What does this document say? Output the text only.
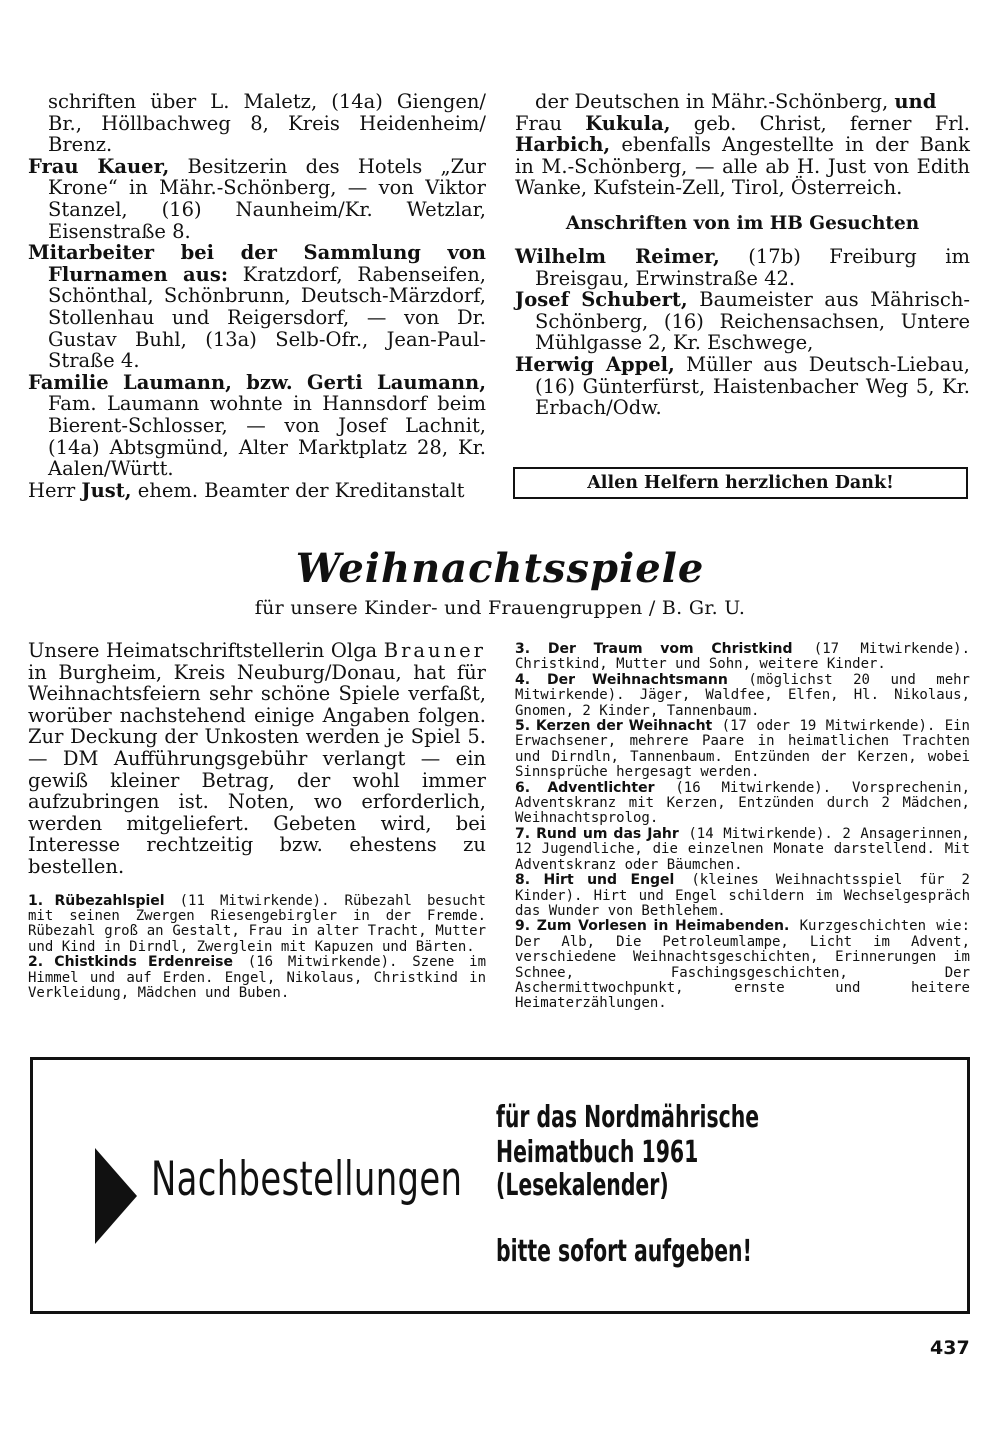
schriften über L. Maletz, (14a) Giengen/ Br., Höllbachweg 8, Kreis Heidenheim/ Brenz.

Frau Kauer, Besitzerin des Hotels „Zur Krone“ in Mähr.-Schönberg, — von Viktor Stanzel, (16) Naunheim/Kr. Wetzlar, Eisenstraße 8.

Mitarbeiter bei der Sammlung von Flurnamen aus: Kratzdorf, Rabenseifen, Schönthal, Schönbrunn, Deutsch-Märzdorf, Stollenhau und Reigersdorf, — von Dr. Gustav Buhl, (13a) Selb-Ofr., Jean-Paul-Straße 4.

Familie Laumann, bzw. Gerti Laumann, Fam. Laumann wohnte in Hannsdorf beim Bierent-Schlosser, — von Josef Lachnit, (14a) Abtsgmünd, Alter Marktplatz 28, Kr. Aalen/Württ.

Herr Just, ehem. Beamter der Kreditanstalt

der Deutschen in Mähr.-Schönberg, und

Frau Kukula, geb. Christ, ferner Frl. Harbich, ebenfalls Angestellte in der Bank in M.-Schönberg, — alle ab H. Just von Edith Wanke, Kufstein-Zell, Tirol, Österreich.

Anschriften von im HB Gesuchten

Wilhelm Reimer, (17b) Freiburg im Breisgau, Erwinstraße 42.

Josef Schubert, Baumeister aus Mährisch-Schönberg, (16) Reichensachsen, Untere Mühlgasse 2, Kr. Eschwege,

Herwig Appel, Müller aus Deutsch-Liebau, (16) Günterfürst, Haistenbacher Weg 5, Kr. Erbach/Odw.

Allen Helfern herzlichen Dank!
Weihnachtsspiele
für unsere Kinder- und Frauengruppen / B. Gr. U.

Unsere Heimatschriftstellerin Olga Brauner in Burgheim, Kreis Neuburg/Donau, hat für Weihnachtsfeiern sehr schöne Spiele verfaßt, worüber nachstehend einige Angaben folgen. Zur Deckung der Unkosten werden je Spiel 5.— DM Aufführungsgebühr verlangt — ein gewiß kleiner Betrag, der wohl immer aufzubringen ist. Noten, wo erforderlich, werden mitgeliefert. Gebeten wird, bei Interesse rechtzeitig bzw. ehestens zu bestellen.

1. Rübezahlspiel (11 Mitwirkende). Rübezahl besucht mit seinen Zwergen Riesengebirgler in der Fremde. Rübezahl groß an Gestalt, Frau in alter Tracht, Mutter und Kind in Dirndl, Zwerglein mit Kapuzen und Bärten.

2. Chistkinds Erdenreise (16 Mitwirkende). Szene im Himmel und auf Erden. Engel, Nikolaus, Christkind in Verkleidung, Mädchen und Buben.

3. Der Traum vom Christkind (17 Mitwirkende). Christkind, Mutter und Sohn, weitere Kinder.

4. Der Weihnachtsmann (möglichst 20 und mehr Mitwirkende). Jäger, Waldfee, Elfen, Hl. Nikolaus, Gnomen, 2 Kinder, Tannenbaum.

5. Kerzen der Weihnacht (17 oder 19 Mitwirkende). Ein Erwachsener, mehrere Paare in heimatlichen Trachten und Dirndln, Tannenbaum. Entzünden der Kerzen, wobei Sinnsprüche hergesagt werden.

6. Adventlichter (16 Mitwirkende). Vorsprechenin, Adventskranz mit Kerzen, Entzünden durch 2 Mädchen, Weihnachtsprolog.

7. Rund um das Jahr (14 Mitwirkende). 2 Ansagerinnen, 12 Jugendliche, die einzelnen Monate darstellend. Mit Adventskranz oder Bäumchen.

8. Hirt und Engel (kleines Weihnachtsspiel für 2 Kinder). Hirt und Engel schildern im Wechselgespräch das Wunder von Bethlehem.

9. Zum Vorlesen in Heimabenden. Kurzgeschichten wie: Der Alb, Die Petroleumlampe, Licht im Advent, verschiedene Weihnachtsgeschichten, Erinnerungen im Schnee, Faschingsgeschichten, Der Aschermittwochpunkt, ernste und heitere Heimaterzählungen.

Nachbestellungen
für das Nordmährische Heimatbuch 1961
(Lesekalender)
bitte sofort aufgeben!
437
